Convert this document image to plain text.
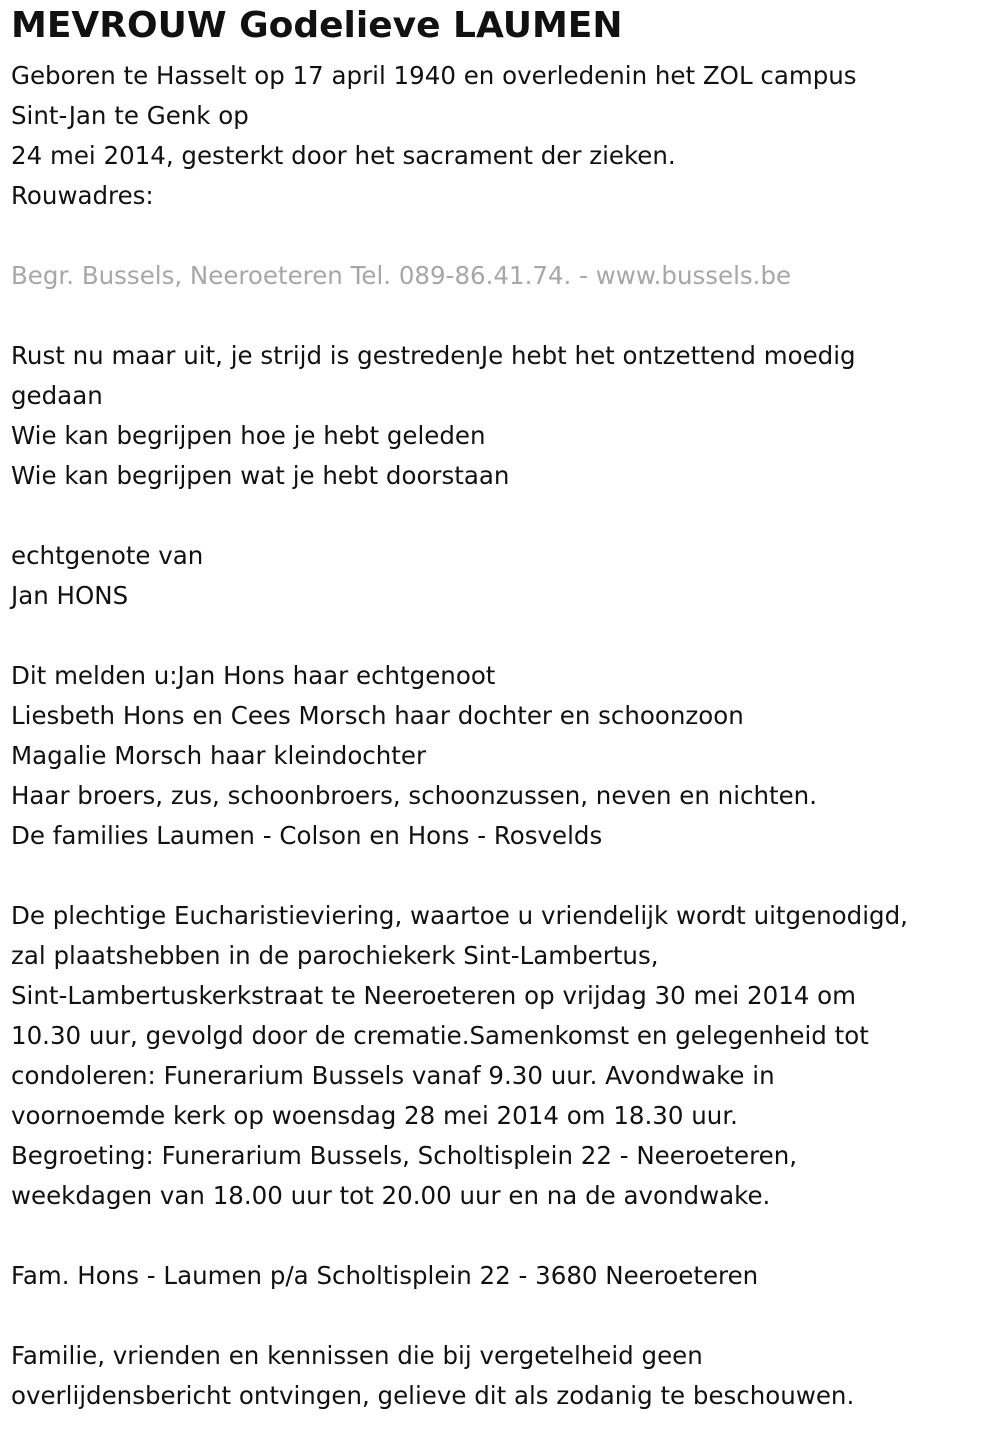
MEVROUW Godelieve LAUMEN

Geboren te Hasselt op 17 april 1940 en overledenin het ZOL campus

Sint-Jan te Genk op

24 mei 2014, gesterkt door het sacrament der zieken.

Rouwadres:

Begr. Bussels, Neeroeteren Tel. 089-86.41.74. - www.bussels.be

Rust nu maar uit, je strijd is gestredenJe hebt het ontzettend moedig

gedaan

Wie kan begrijpen hoe je hebt geleden

Wie kan begrijpen wat je hebt doorstaan

echtgenote van

Jan HONS

Dit melden u:Jan Hons haar echtgenoot

Liesbeth Hons en Cees Morsch haar dochter en schoonzoon

Magalie Morsch haar kleindochter

Haar broers, zus, schoonbroers, schoonzussen, neven en nichten.

De families Laumen - Colson en Hons - Rosvelds

De plechtige Eucharistieviering, waartoe u vriendelijk wordt uitgenodigd,

zal plaatshebben in de parochiekerk Sint-Lambertus,

Sint-Lambertuskerkstraat te Neeroeteren op vrijdag 30 mei 2014 om

10.30 uur, gevolgd door de crematie.Samenkomst en gelegenheid tot

condoleren: Funerarium Bussels vanaf 9.30 uur. Avondwake in

voornoemde kerk op woensdag 28 mei 2014 om 18.30 uur.

Begroeting: Funerarium Bussels, Scholtisplein 22 - Neeroeteren,

weekdagen van 18.00 uur tot 20.00 uur en na de avondwake.

Fam. Hons - Laumen p/a Scholtisplein 22 - 3680 Neeroeteren

Familie, vrienden en kennissen die bij vergetelheid geen

overlijdensbericht ontvingen, gelieve dit als zodanig te beschouwen.
